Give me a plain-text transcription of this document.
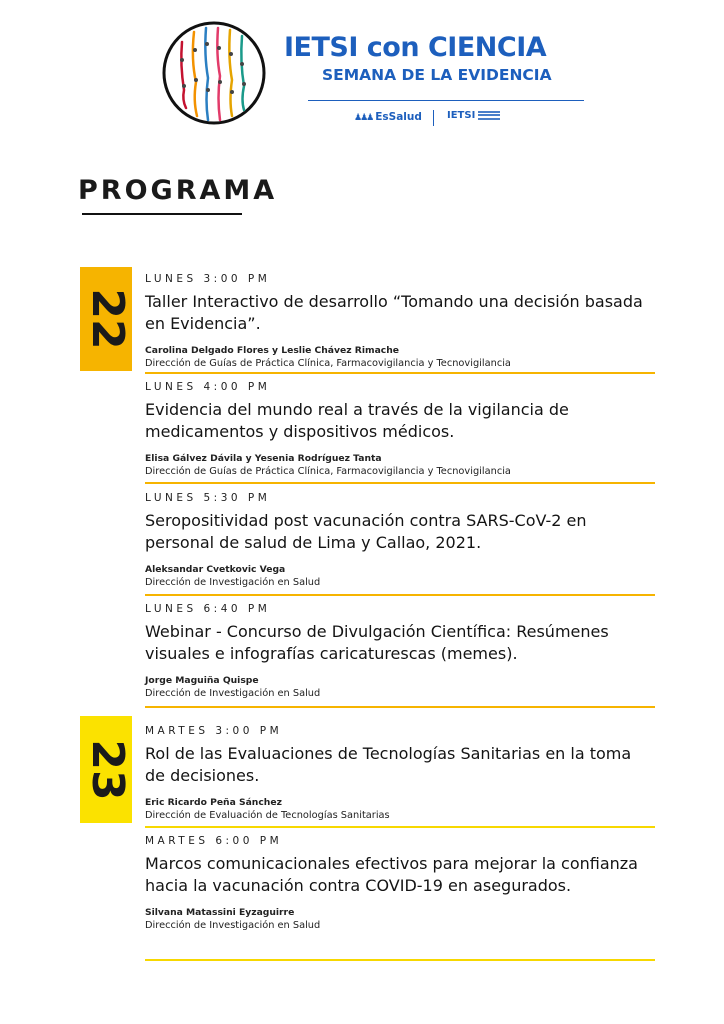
IETSI con CIENCIA
SEMANA DE LA EVIDENCIA
♟♟♟ EsSalud	IETSI
PROGRAMA
22
23
LUNES 3:00 PM
Taller Interactivo de desarrollo “Tomando una decisión basada en Evidencia”.
Carolina Delgado Flores y Leslie Chávez Rimache
Dirección de Guías de Práctica Clínica, Farmacovigilancia y Tecnovigilancia
LUNES 4:00 PM
Evidencia del mundo real a través de la vigilancia de medicamentos y dispositivos médicos.
Elisa Gálvez Dávila y Yesenia Rodríguez Tanta
Dirección de Guías de Práctica Clínica, Farmacovigilancia y Tecnovigilancia
LUNES 5:30 PM
Seropositividad post vacunación contra SARS-CoV-2 en personal de salud de Lima y Callao, 2021.
Aleksandar Cvetkovic Vega
Dirección de Investigación en Salud
LUNES 6:40 PM
Webinar - Concurso de Divulgación Científica: Resúmenes visuales e infografías caricaturescas (memes).
Jorge Maguiña Quispe
Dirección de Investigación en Salud
MARTES 3:00 PM
Rol de las Evaluaciones de Tecnologías Sanitarias en la toma de decisiones.
Eric Ricardo Peña Sánchez
Dirección de Evaluación de Tecnologías Sanitarias
MARTES 6:00 PM
Marcos comunicacionales efectivos para mejorar la confianza hacia la vacunación contra COVID-19 en asegurados.
Silvana Matassini Eyzaguirre
Dirección de Investigación en Salud
